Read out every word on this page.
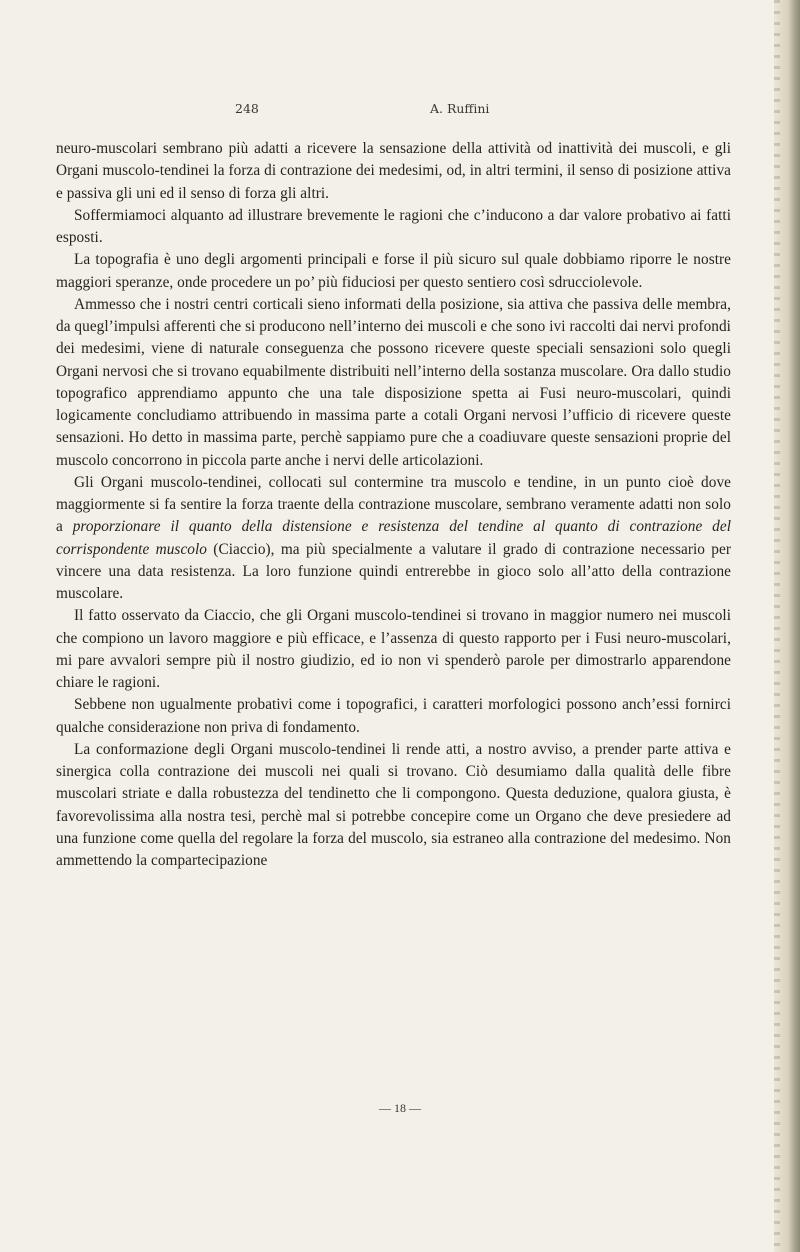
248	A. Ruffini

neuro-muscolari sembrano più adatti a ricevere la sensazione della attività od inattività dei muscoli, e gli Organi muscolo-tendinei la forza di contrazione dei medesimi, od, in altri termini, il senso di posizione attiva e passiva gli uni ed il senso di forza gli altri.

Soffermiamoci alquanto ad illustrare brevemente le ragioni che c’inducono a dar valore probativo ai fatti esposti.

La topografia è uno degli argomenti principali e forse il più sicuro sul quale dobbiamo riporre le nostre maggiori speranze, onde procedere un po’ più fiduciosi per questo sentiero così sdrucciolevole.

Ammesso che i nostri centri corticali sieno informati della posizione, sia attiva che passiva delle membra, da quegl’impulsi afferenti che si producono nell’interno dei muscoli e che sono ivi raccolti dai nervi profondi dei medesimi, viene di naturale conseguenza che possono ricevere queste speciali sensazioni solo quegli Organi nervosi che si trovano equabilmente distribuiti nell’interno della sostanza muscolare. Ora dallo studio topografico apprendiamo appunto che una tale disposizione spetta ai Fusi neuro-muscolari, quindi logicamente concludiamo attribuendo in massima parte a cotali Organi nervosi l’ufficio di ricevere queste sensazioni. Ho detto in massima parte, perchè sappiamo pure che a coadiuvare queste sensazioni proprie del muscolo concorrono in piccola parte anche i nervi delle articolazioni.

Gli Organi muscolo-tendinei, collocati sul contermine tra muscolo e tendine, in un punto cioè dove maggiormente si fa sentire la forza traente della contrazione muscolare, sembrano veramente adatti non solo a proporzionare il quanto della distensione e resistenza del tendine al quanto di contrazione del corrispondente muscolo (Ciaccio), ma più specialmente a valutare il grado di contrazione necessario per vincere una data resistenza. La loro funzione quindi entrerebbe in gioco solo all’atto della contrazione muscolare.

Il fatto osservato da Ciaccio, che gli Organi muscolo-tendinei si trovano in maggior numero nei muscoli che compiono un lavoro maggiore e più efficace, e l’assenza di questo rapporto per i Fusi neuro-muscolari, mi pare avvalori sempre più il nostro giudizio, ed io non vi spenderò parole per dimostrarlo apparendone chiare le ragioni.

Sebbene non ugualmente probativi come i topografici, i caratteri morfologici possono anch’essi fornirci qualche considerazione non priva di fondamento.

La conformazione degli Organi muscolo-tendinei li rende atti, a nostro avviso, a prender parte attiva e sinergica colla contrazione dei muscoli nei quali si trovano. Ciò desumiamo dalla qualità delle fibre muscolari striate e dalla robustezza del tendinetto che li compongono. Questa deduzione, qualora giusta, è favorevolissima alla nostra tesi, perchè mal si potrebbe concepire come un Organo che deve presiedere ad una funzione come quella del regolare la forza del muscolo, sia estraneo alla contrazione del medesimo. Non ammettendo la compartecipazione

— 18 —
